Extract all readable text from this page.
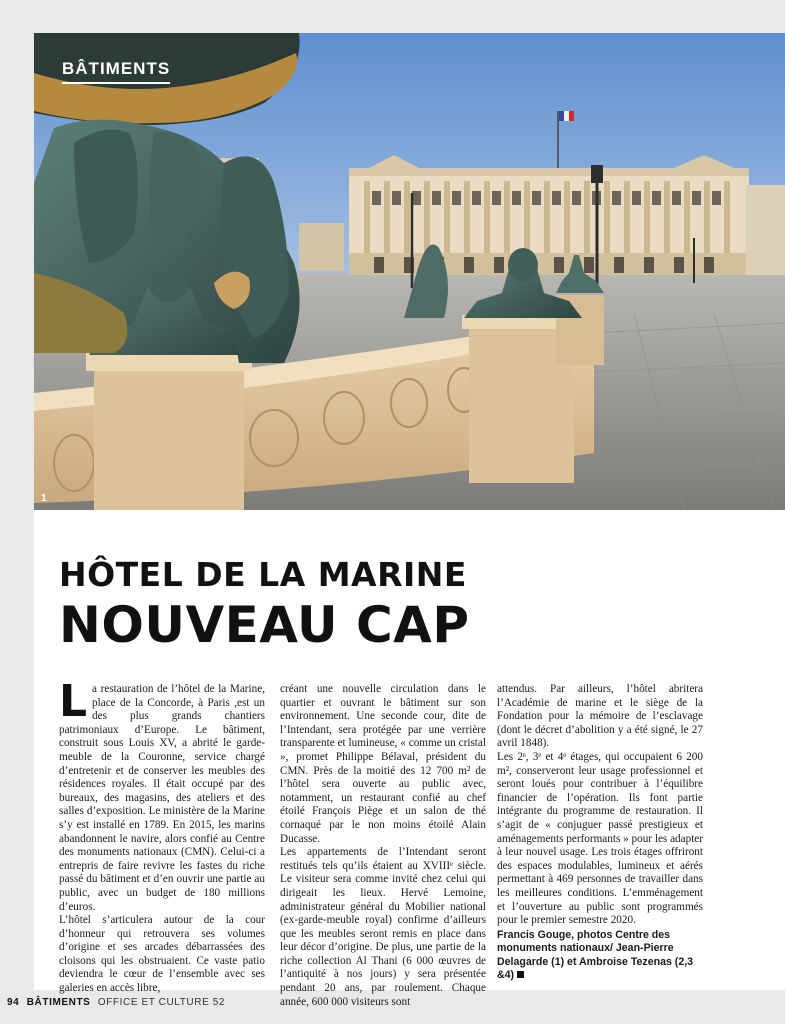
BÂTIMENTS
1
HÔTEL DE LA MARINE
NOUVEAU CAP

La restauration de l’hôtel de la Marine, place de la Concorde, à Paris ,est un des plus grands chantiers patrimoniaux d’Europe. Le bâtiment, construit sous Louis XV, a abrité le garde-meuble de la Couronne, service chargé d’entretenir et de conserver les meubles des résidences royales. Il était occupé par des bureaux, des magasins, des ateliers et des salles d’exposition. Le ministère de la Marine s’y est installé en 1789. En 2015, les marins abandonnent le navire, alors confié au Centre des monuments nationaux (CMN). Celui-ci a entrepris de faire revivre les fastes du riche passé du bâtiment et d’en ouvrir une partie au public, avec un budget de 180 millions d’euros.

L’hôtel s’articulera autour de la cour d’honneur qui retrouvera ses volumes d’origine et ses arcades débarrassées des cloisons qui les obstruaient. Ce vaste patio deviendra le cœur de l’ensemble avec ses galeries en accès libre,

créant une nouvelle circulation dans le quartier et ouvrant le bâtiment sur son environnement. Une seconde cour, dite de l’Intendant, sera protégée par une verrière transparente et lumineuse, « comme un cristal », promet Philippe Bélaval, président du CMN. Près de la moitié des 12 700 m² de l’hôtel sera ouverte au public avec, notamment, un restaurant confié au chef étoilé François Piège et un salon de thé cornaqué par le non moins étoilé Alain Ducasse.

Les appartements de l’Intendant seront restitués tels qu’ils étaient au XVIIIᵉ siècle. Le visiteur sera comme invité chez celui qui dirigeait les lieux. Hervé Lemoine, administrateur général du Mobilier national (ex-garde-meuble royal) confirme d’ailleurs que les meubles seront remis en place dans leur décor d’origine. De plus, une partie de la riche collection Al Thani (6 000 œuvres de l’antiquité à nos jours) y sera présentée pendant 20 ans, par roulement. Chaque année, 600 000 visiteurs sont

attendus. Par ailleurs, l’hôtel abritera l’Académie de marine et le siège de la Fondation pour la mémoire de l’esclavage (dont le décret d’abolition y a été signé, le 27 avril 1848).

Les 2ᵉ, 3ᵉ et 4ᵉ étages, qui occupaient 6 200 m², conserveront leur usage professionnel et seront loués pour contribuer à l’équilibre financier de l’opération. Ils font partie intégrante du programme de restauration. Il s’agit de « conjuguer passé prestigieux et aménagements performants » pour les adapter à leur nouvel usage. Les trois étages offriront des espaces modulables, lumineux et aérés permettant à 469 personnes de travailler dans les meilleures conditions. L’emménagement et l’ouverture au public sont programmés pour le premier semestre 2020.

Francis Gouge, photos Centre des monuments nationaux/ Jean-Pierre Delagarde (1) et Ambroise Tezenas (2,3 &4)

94 BÂTIMENTS OFFICE ET CULTURE 52
